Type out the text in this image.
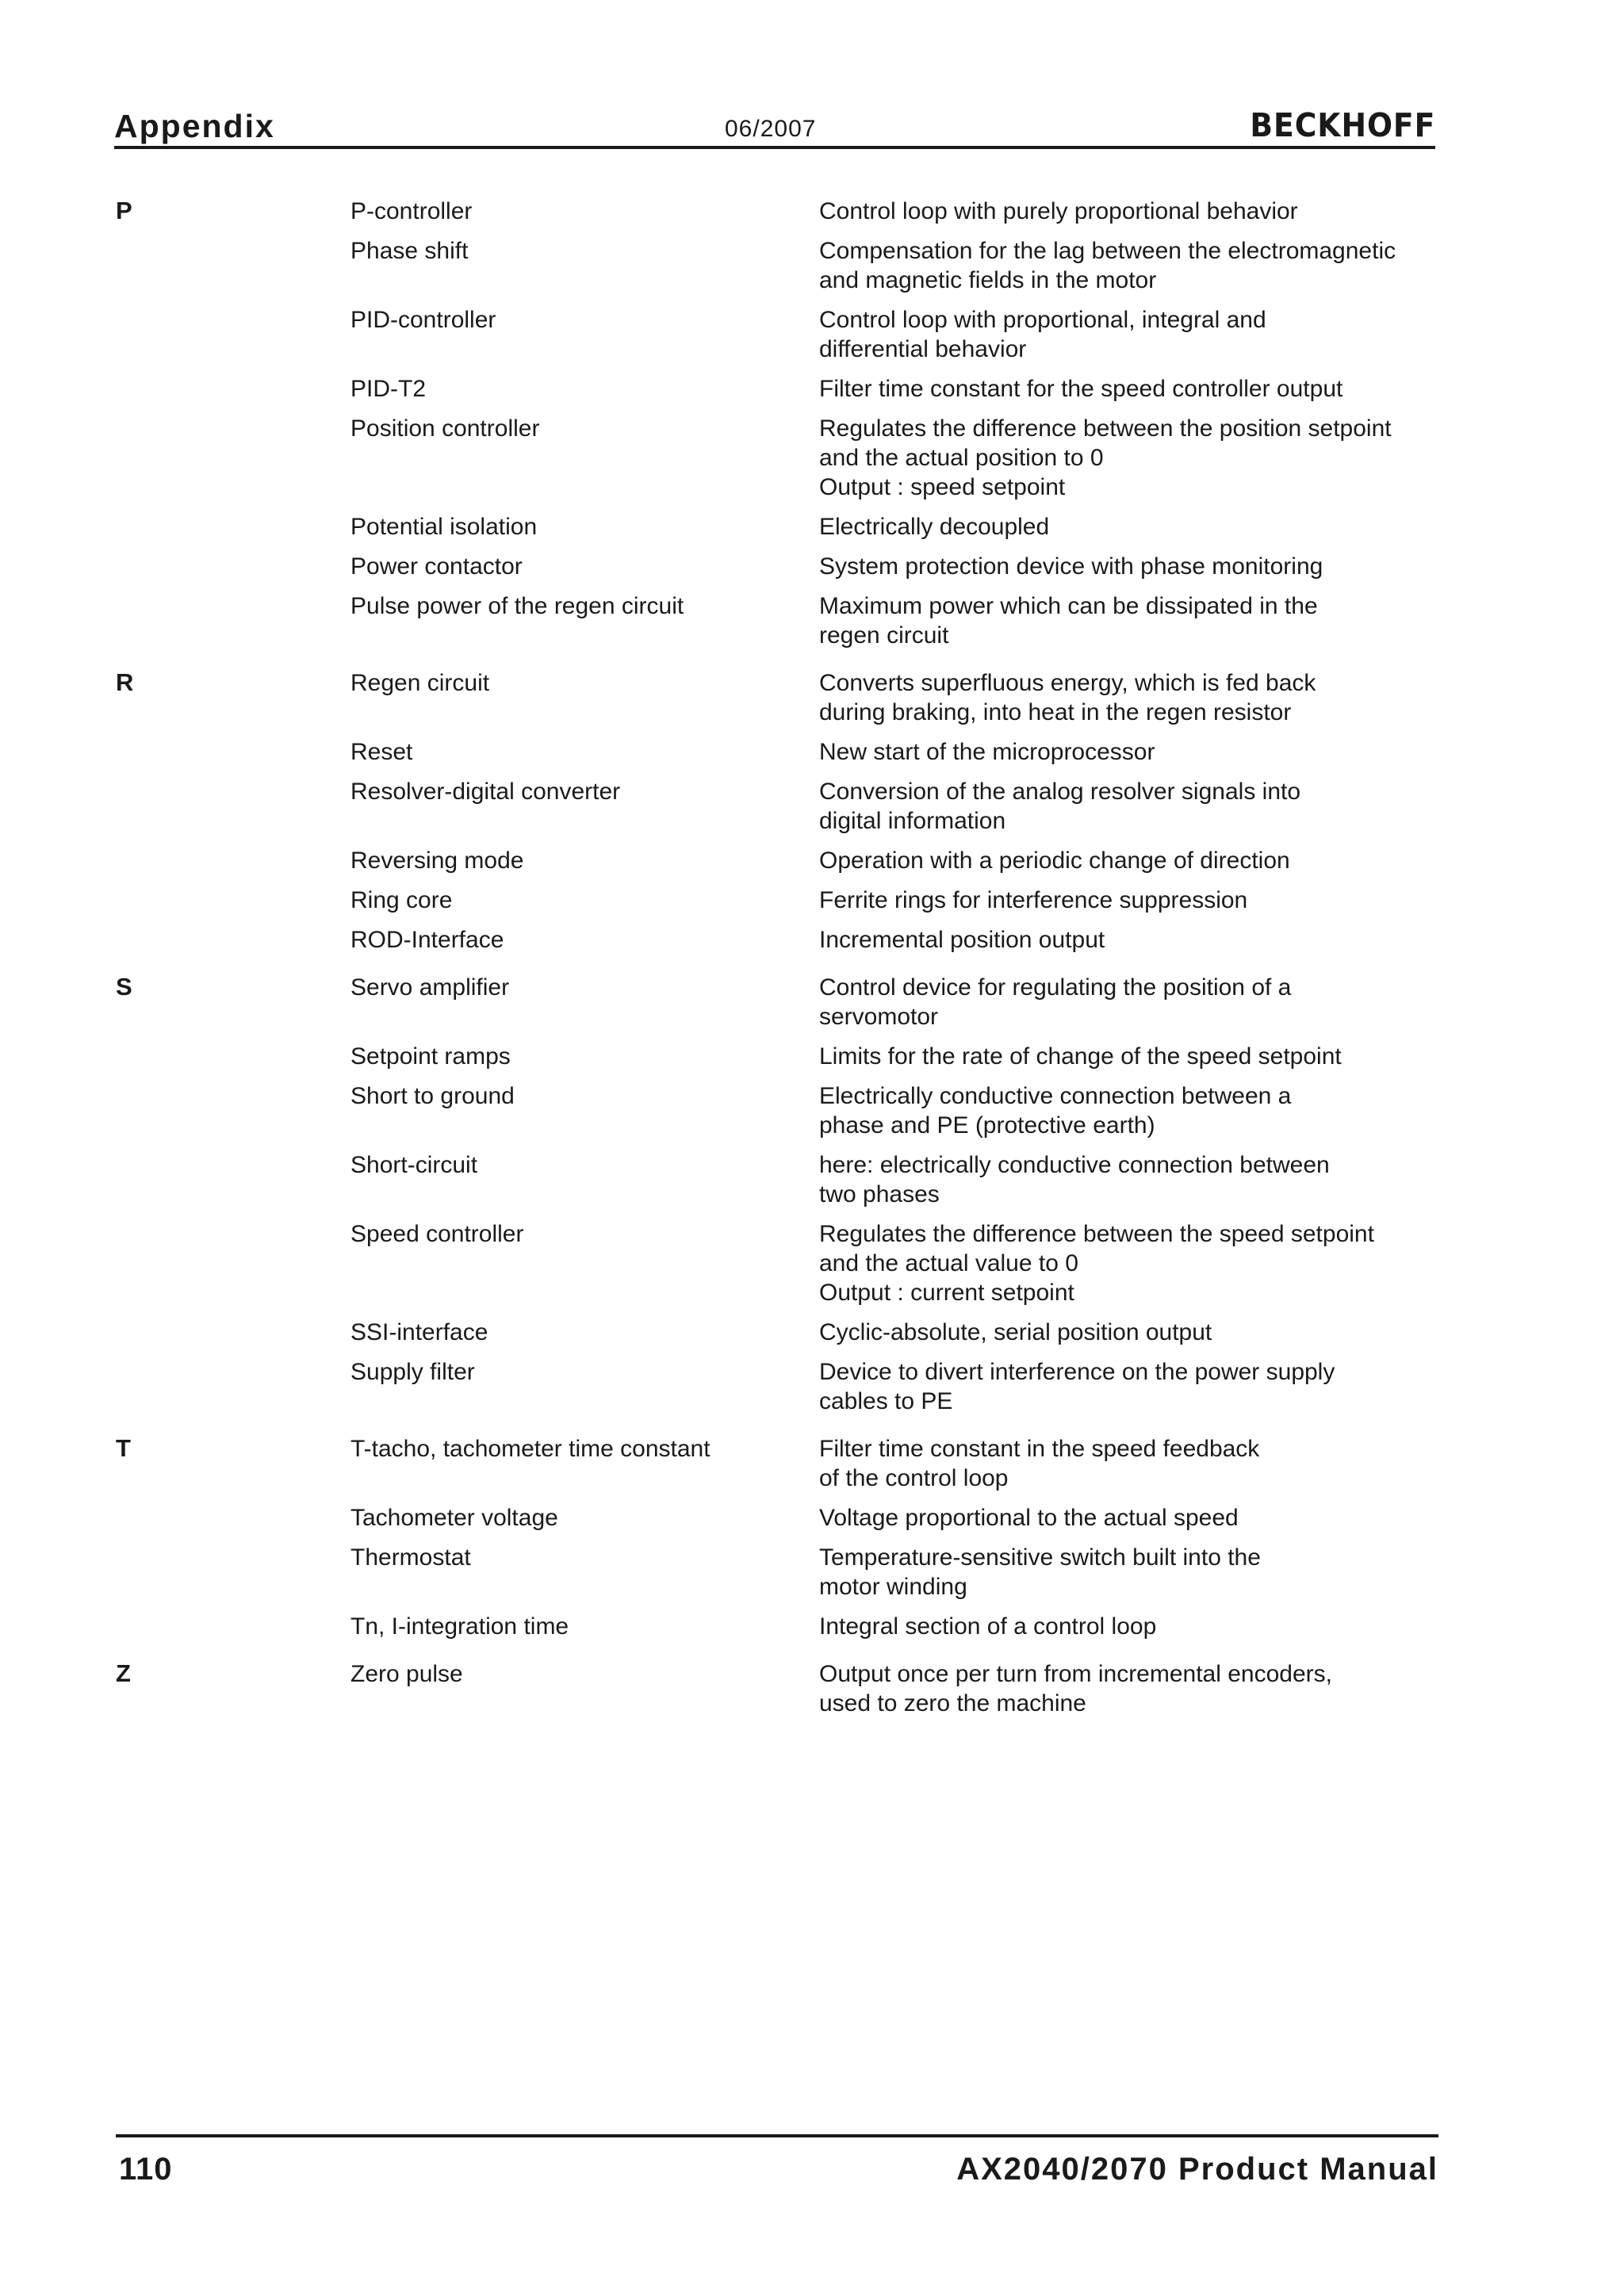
Appendix	06/2007	BECKHOFF
P	P-controller	Control loop with purely proportional behavior
Phase shift	Compensation for the lag between the electromagnetic
and magnetic fields in the motor
PID-controller	Control loop with proportional, integral and
differential behavior
PID-T2	Filter time constant for the speed controller output
Position controller	Regulates the difference between the position setpoint
and the actual position to 0
Output : speed setpoint
Potential isolation	Electrically decoupled
Power contactor	System protection device with phase monitoring
Pulse power of the regen circuit	Maximum power which can be dissipated in the
regen circuit
R	Regen circuit	Converts superfluous energy, which is fed back
during braking, into heat in the regen resistor
Reset	New start of the microprocessor
Resolver-digital converter	Conversion of the analog resolver signals into
digital information
Reversing mode	Operation with a periodic change of direction
Ring core	Ferrite rings for interference suppression
ROD-Interface	Incremental position output
S	Servo amplifier	Control device for regulating the position of a
servomotor
Setpoint ramps	Limits for the rate of change of the speed setpoint
Short to ground	Electrically conductive connection between a
phase and PE (protective earth)
Short-circuit	here: electrically conductive connection between
two phases
Speed controller	Regulates the difference between the speed setpoint
and the actual value to 0
Output : current setpoint
SSI-interface	Cyclic-absolute, serial position output
Supply filter	Device to divert interference on the power supply
cables to PE
T	T-tacho, tachometer time constant	Filter time constant in the speed feedback
of the control loop
Tachometer voltage	Voltage proportional to the actual speed
Thermostat	Temperature-sensitive switch built into the
motor winding
Tn, I-integration time	Integral section of a control loop
Z	Zero pulse	Output once per turn from incremental encoders,
used to zero the machine
110	AX2040/2070 Product Manual
